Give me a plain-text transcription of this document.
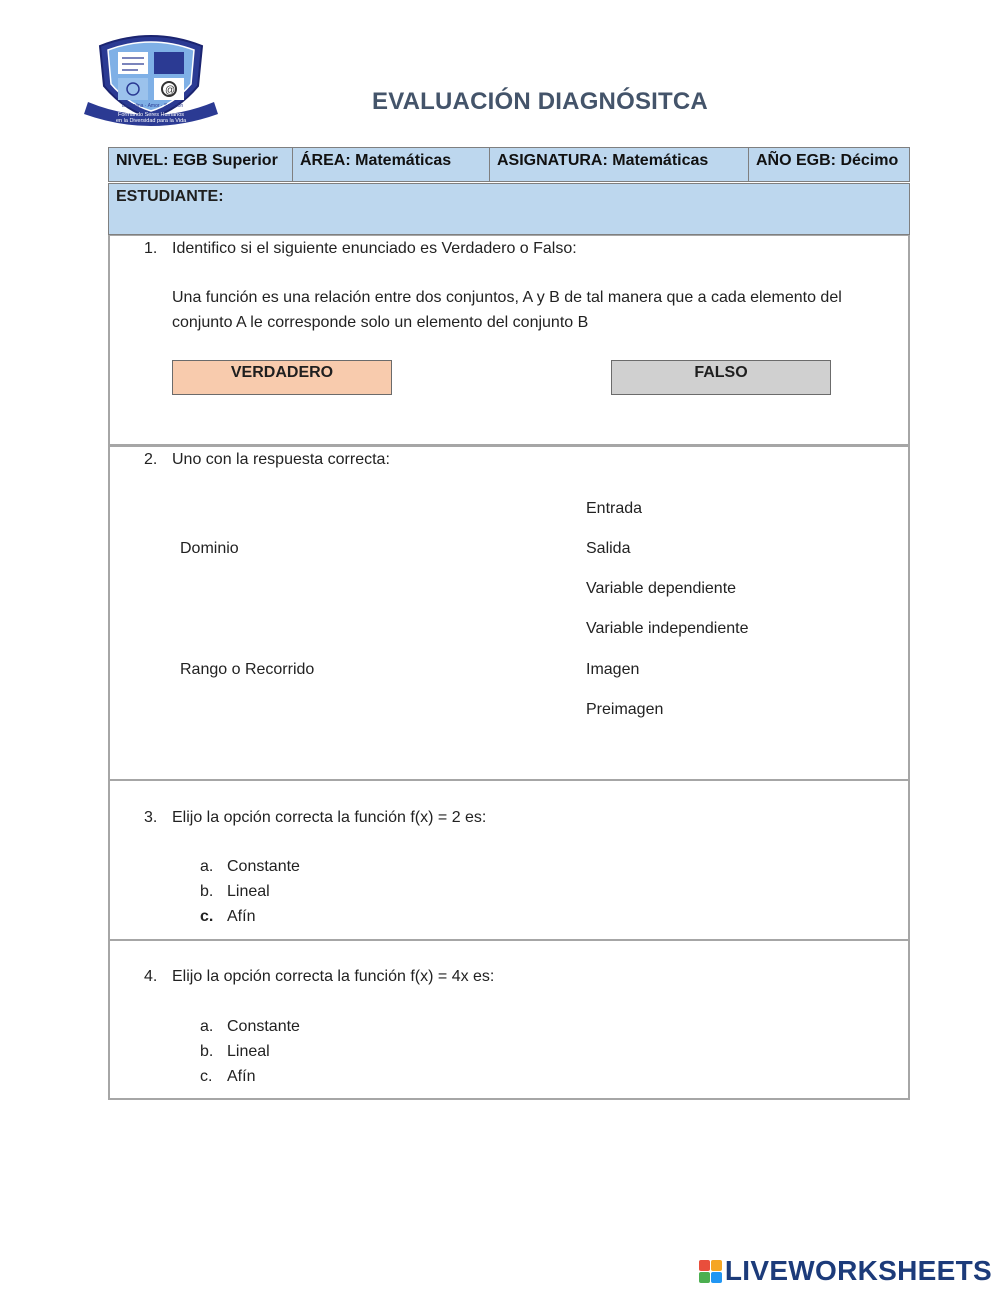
@
Formando Seres Humanos
en la Diversidad para la Vida
Disciplina · Amor · Solución	EVALUACIÓN DIAGNÓSITCA
NIVEL: EGB Superior	ÁREA: Matemáticas	ASIGNATURA: Matemáticas	AÑO EGB: Décimo
ESTUDIANTE:
1. Identifico si el siguiente enunciado es Verdadero o Falso:
Una función es una relación entre dos conjuntos, A y B de tal manera que a cada elemento del
conjunto A le corresponde solo un elemento del conjunto B
VERDADERO	FALSO
2. Uno con la respuesta correcta:
Dominio
Rango o Recorrido
Entrada
Salida
Variable dependiente
Variable independiente
Imagen
Preimagen
3. Elijo la opción correcta la función f(x) = 2 es:
a. Constante
b. Lineal
c. Afín
4. Elijo la opción correcta la función f(x) = 4x es:
a. Constante
b. Lineal
c. Afín
LIVEWORKSHEETS
